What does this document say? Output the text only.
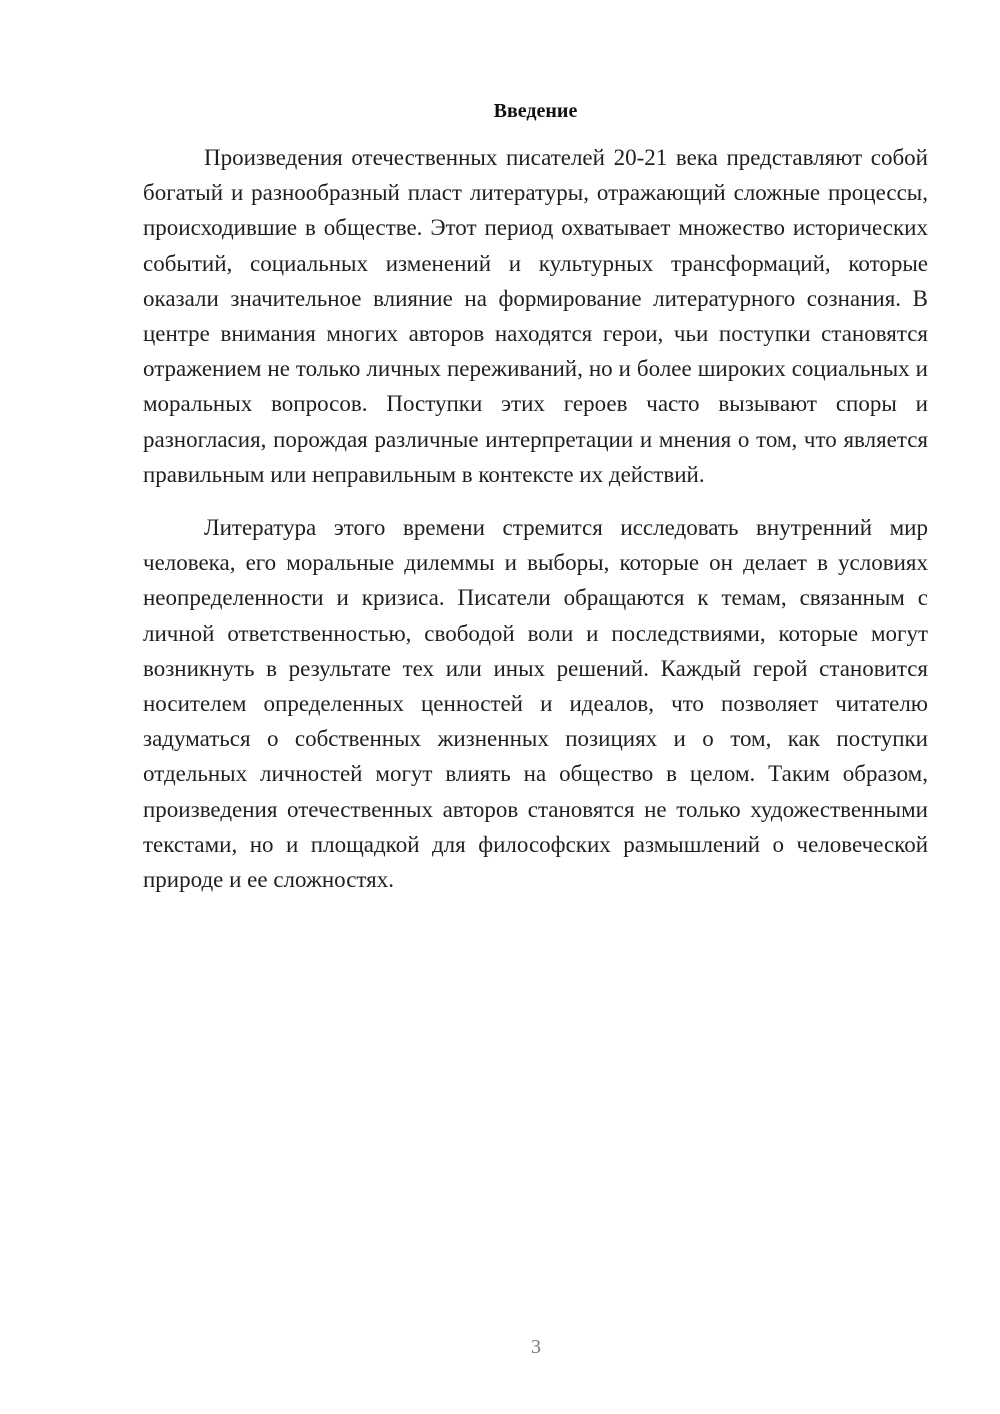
Введение

Произведения отечественных писателей 20-21 века представляют собой богатый и разнообразный пласт литературы, отражающий сложные процессы, происходившие в обществе. Этот период охватывает множество исторических событий, социальных изменений и культурных трансформаций, которые оказали значительное влияние на формирование литературного сознания. В центре внимания многих авторов находятся герои, чьи поступки становятся отражением не только личных переживаний, но и более широких социальных и моральных вопросов. Поступки этих героев часто вызывают споры и разногласия, порождая различные интерпретации и мнения о том, что является правильным или неправильным в контексте их действий.

Литература этого времени стремится исследовать внутренний мир человека, его моральные дилеммы и выборы, которые он делает в условиях неопределенности и кризиса. Писатели обращаются к темам, связанным с личной ответственностью, свободой воли и последствиями, которые могут возникнуть в результате тех или иных решений. Каждый герой становится носителем определенных ценностей и идеалов, что позволяет читателю задуматься о собственных жизненных позициях и о том, как поступки отдельных личностей могут влиять на общество в целом. Таким образом, произведения отечественных авторов становятся не только художественными текстами, но и площадкой для философских размышлений о человеческой природе и ее сложностях.

3
